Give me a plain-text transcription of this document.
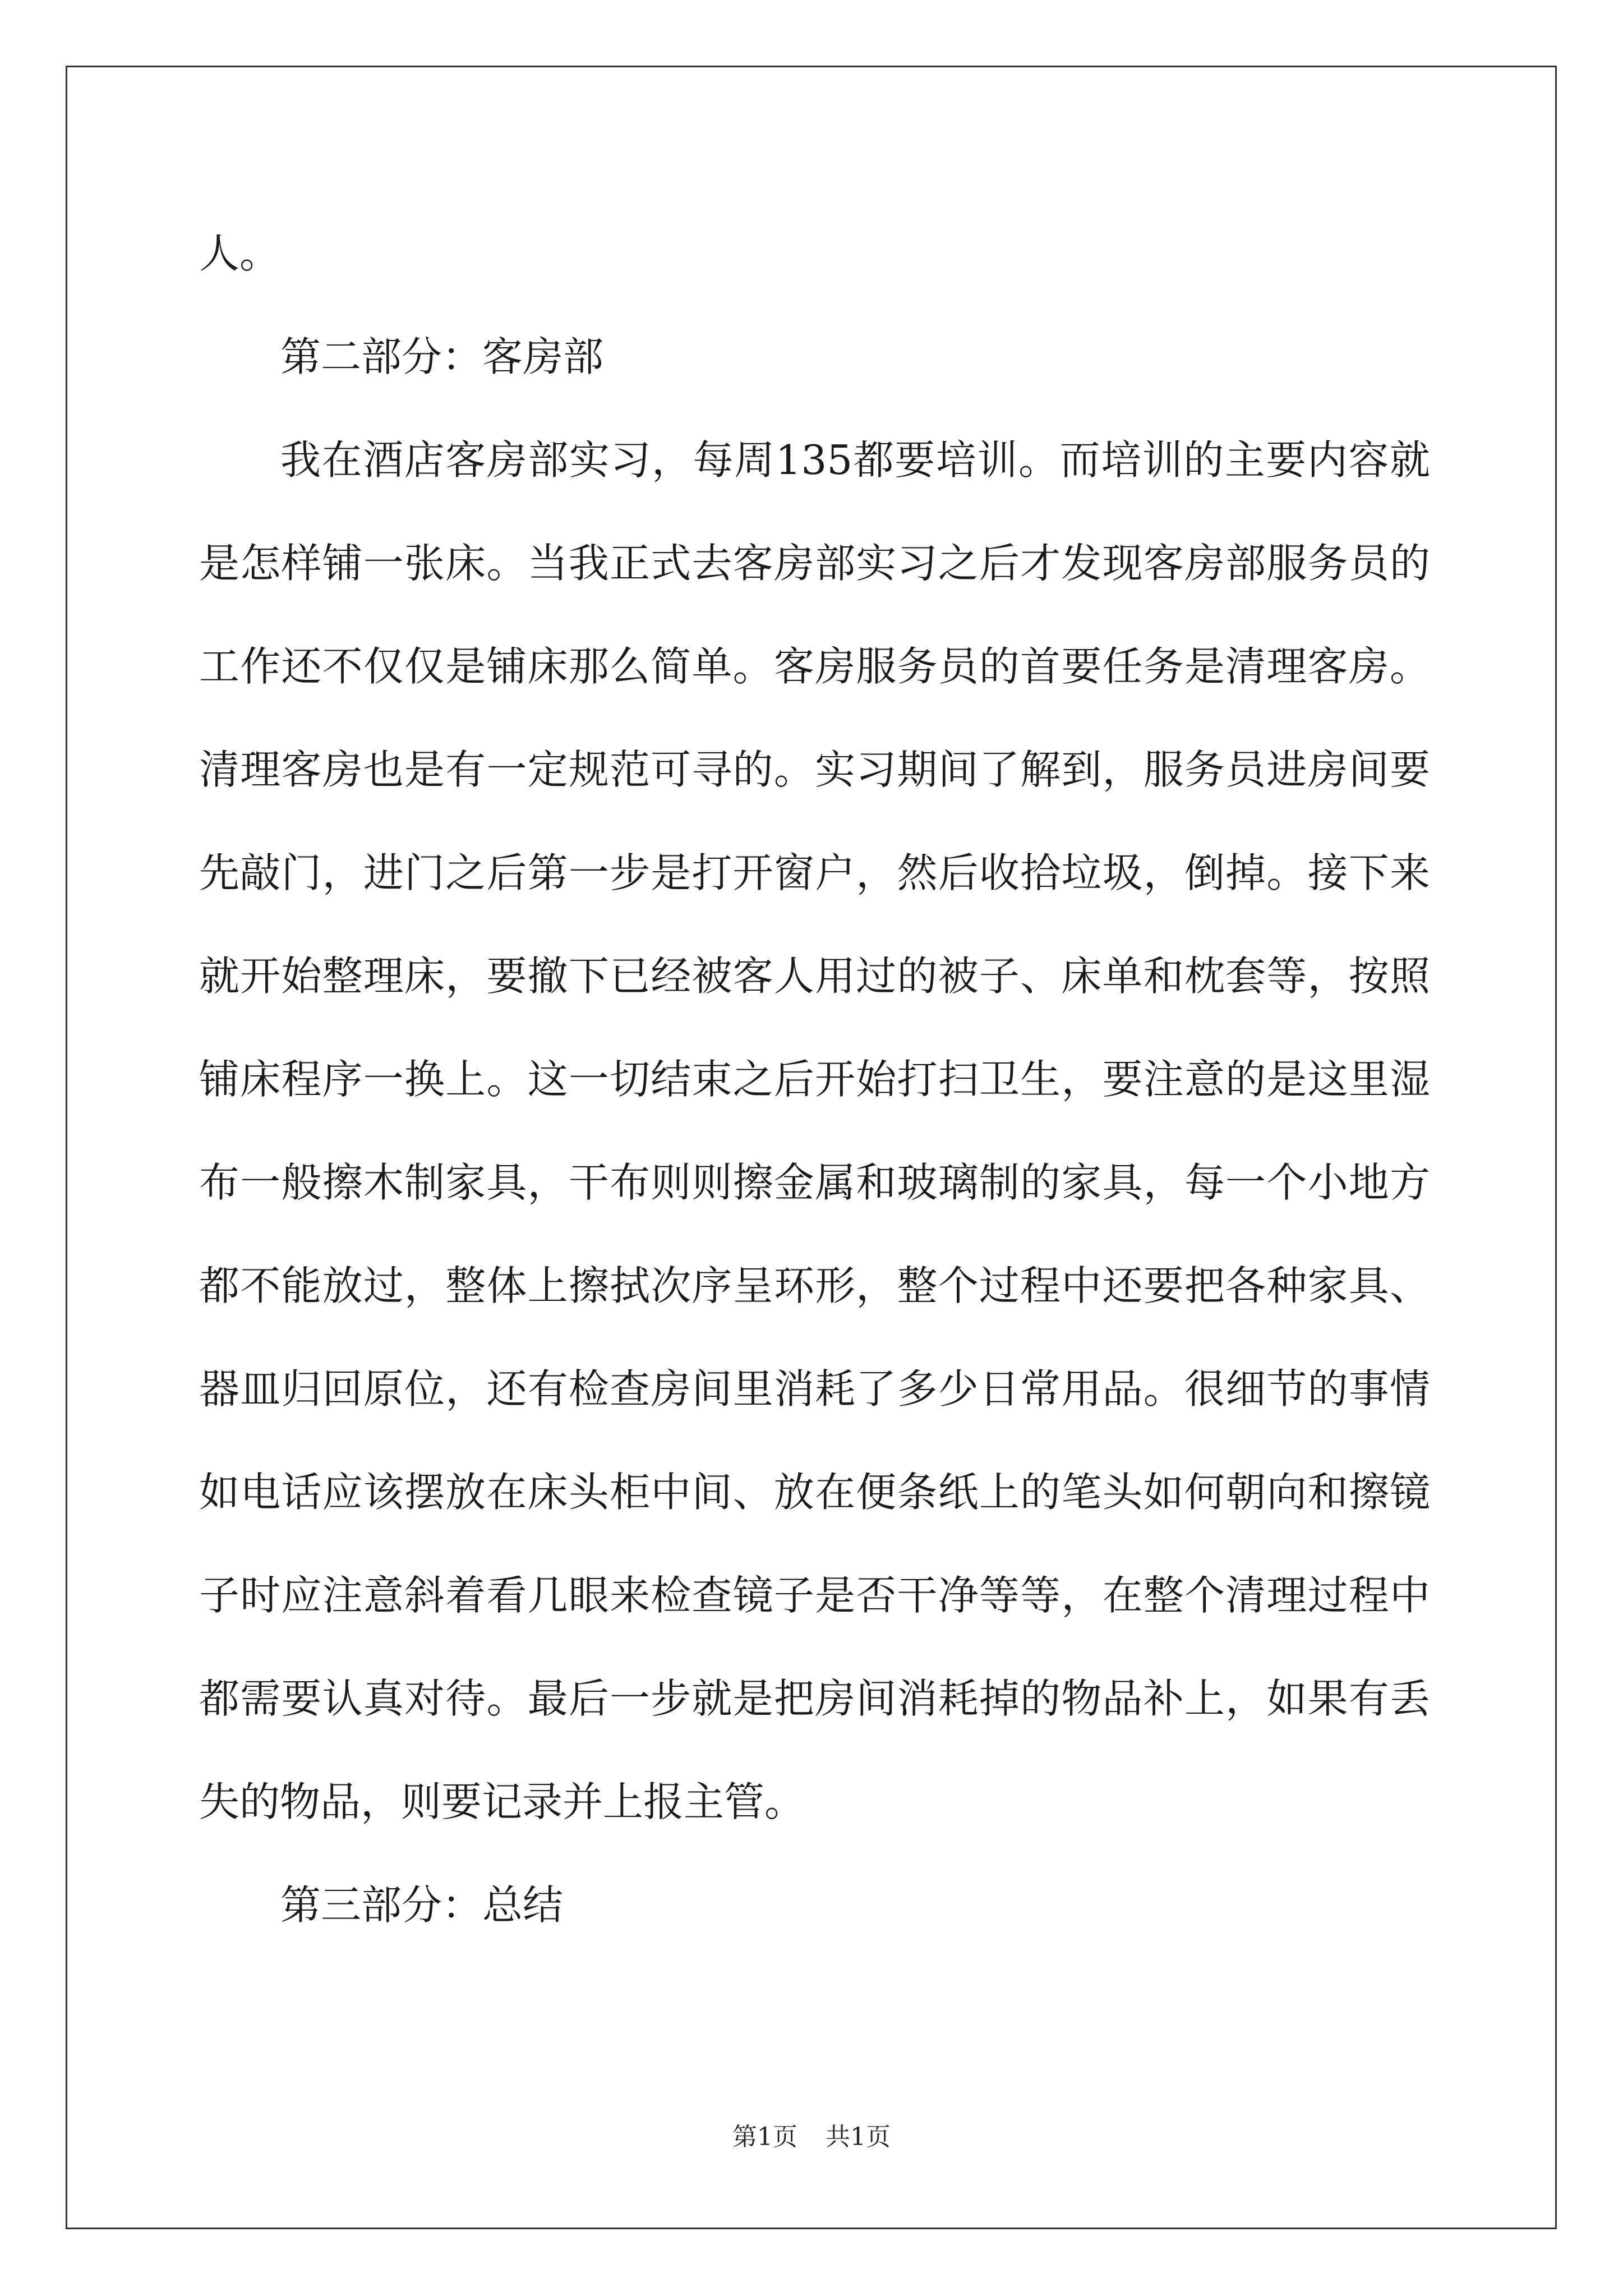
人。
第二部分：客房部
我在酒店客房部实习，每周135都要培训。而培训的主要内容就
是怎样铺一张床。当我正式去客房部实习之后才发现客房部服务员的
工作还不仅仅是铺床那么简单。客房服务员的首要任务是清理客房。
清理客房也是有一定规范可寻的。实习期间了解到，服务员进房间要
先敲门，进门之后第一步是打开窗户，然后收拾垃圾，倒掉。接下来
就开始整理床，要撤下已经被客人用过的被子、床单和枕套等，按照
铺床程序一换上。这一切结束之后开始打扫卫生，要注意的是这里湿
布一般擦木制家具，干布则则擦金属和玻璃制的家具，每一个小地方
都不能放过，整体上擦拭次序呈环形，整个过程中还要把各种家具、
器皿归回原位，还有检查房间里消耗了多少日常用品。很细节的事情
如电话应该摆放在床头柜中间、放在便条纸上的笔头如何朝向和擦镜
子时应注意斜着看几眼来检查镜子是否干净等等，在整个清理过程中
都需要认真对待。最后一步就是把房间消耗掉的物品补上，如果有丢
失的物品，则要记录并上报主管。
第三部分：总结
第1页 共1页
